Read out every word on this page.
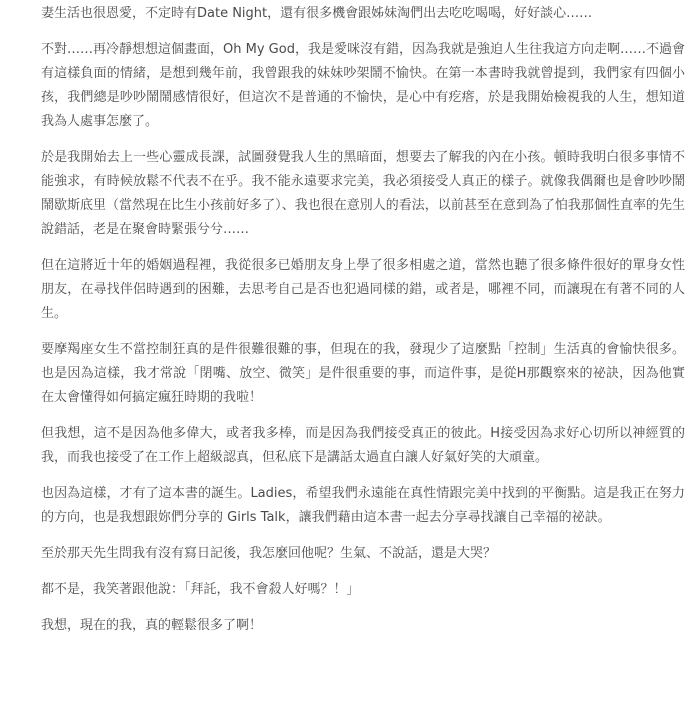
妻生活也很恩愛，不定時有Date Night，還有很多機會跟姊妹淘們出去吃吃喝喝，好好談心……

不對……再冷靜想想這個畫面，Oh My God，我是愛咪沒有錯，因為我就是強迫人生往我這方向走啊……不過會有這樣負面的情緒，是想到幾年前，我曾跟我的妹妹吵架鬧不愉快。在第一本書時我就曾提到，我們家有四個小孩，我們總是吵吵鬧鬧感情很好，但這次不是普通的不愉快，是心中有疙瘩，於是我開始檢視我的人生，想知道我為人處事怎麼了。

於是我開始去上一些心靈成長課，試圖發覺我人生的黑暗面，想要去了解我的內在小孩。頓時我明白很多事情不能強求，有時候放鬆不代表不在乎。我不能永遠要求完美，我必須接受人真正的樣子。就像我偶爾也是會吵吵鬧鬧歇斯底里（當然現在比生小孩前好多了）、我也很在意別人的看法，以前甚至在意到為了怕我那個性直率的先生說錯話，老是在聚會時緊張兮兮……

但在這將近十年的婚姻過程裡，我從很多已婚朋友身上學了很多相處之道，當然也聽了很多條件很好的單身女性朋友，在尋找伴侶時遇到的困難，去思考自己是否也犯過同樣的錯，或者是，哪裡不同，而讓現在有著不同的人生。

要摩羯座女生不當控制狂真的是件很難很難的事，但現在的我，發現少了這麼點「控制」生活真的會愉快很多。也是因為這樣，我才常說「閉嘴、放空、微笑」是件很重要的事，而這件事，是從H那觀察來的祕訣，因為他實在太會懂得如何搞定瘋狂時期的我啦！

但我想，這不是因為他多偉大，或者我多棒，而是因為我們接受真正的彼此。H接受因為求好心切所以神經質的我，而我也接受了在工作上超級認真，但私底下是講話太過直白讓人好氣好笑的大頑童。

也因為這樣，才有了這本書的誕生。Ladies，希望我們永遠能在真性情跟完美中找到的平衡點。這是我正在努力的方向，也是我想跟妳們分享的 Girls Talk，讓我們藉由這本書一起去分享尋找讓自己幸福的祕訣。

至於那天先生問我有沒有寫日記後，我怎麼回他呢？生氣、不說話，還是大哭？

都不是，我笑著跟他說：「拜託，我不會殺人好嗎？！」

我想，現在的我，真的輕鬆很多了啊！
